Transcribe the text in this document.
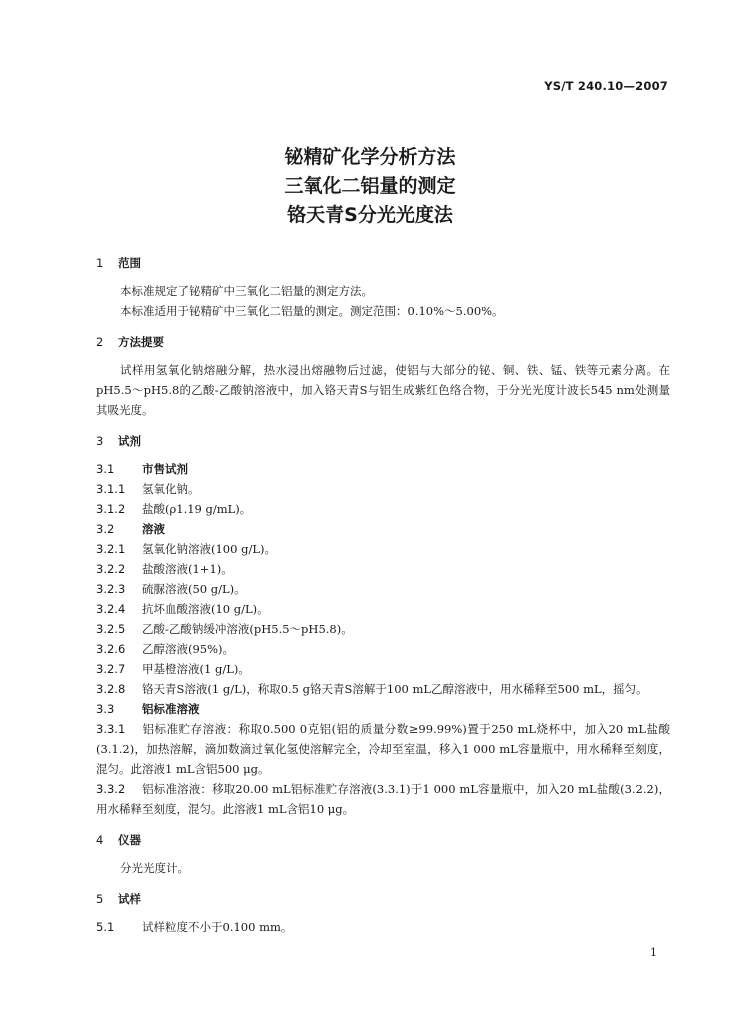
YS/T 240.10—2007
铋精矿化学分析方法
三氧化二铝量的测定
铬天青S分光光度法
1 范围
本标准规定了铋精矿中三氧化二铝量的测定方法。
本标准适用于铋精矿中三氧化二铝量的测定。测定范围：0.10%～5.00%。
2 方法提要
试样用氢氧化钠熔融分解，热水浸出熔融物后过滤，使铝与大部分的铋、铜、铁、锰、铁等元素分离。在pH5.5～pH5.8的乙酸-乙酸钠溶液中，加入铬天青S与铝生成紫红色络合物，于分光光度计波长545 nm处测量其吸光度。
3 试剂
3.1	市售试剂
3.1.1	氢氧化钠。
3.1.2	盐酸(ρ1.19 g/mL)。
3.2	溶液
3.2.1	氢氧化钠溶液(100 g/L)。
3.2.2	盐酸溶液(1+1)。
3.2.3	硫脲溶液(50 g/L)。
3.2.4	抗坏血酸溶液(10 g/L)。
3.2.5	乙酸-乙酸钠缓冲溶液(pH5.5～pH5.8)。
3.2.6	乙醇溶液(95%)。
3.2.7	甲基橙溶液(1 g/L)。
3.2.8 铬天青S溶液(1 g/L)，称取0.5 g铬天青S溶解于100 mL乙醇溶液中，用水稀释至500 mL，摇匀。
3.3	铝标准溶液
3.3.1 铝标准贮存溶液：称取0.500 0克铝(铝的质量分数≥99.99%)置于250 mL烧杯中，加入20 mL盐酸(3.1.2)，加热溶解，滴加数滴过氧化氢使溶解完全，冷却至室温，移入1 000 mL容量瓶中，用水稀释至刻度，混匀。此溶液1 mL含铝500 μg。
3.3.2 铝标准溶液：移取20.00 mL铝标准贮存溶液(3.3.1)于1 000 mL容量瓶中，加入20 mL盐酸(3.2.2)，用水稀释至刻度，混匀。此溶液1 mL含铝10 μg。
4 仪器
分光光度计。
5 试样
5.1	试样粒度不小于0.100 mm。
1
